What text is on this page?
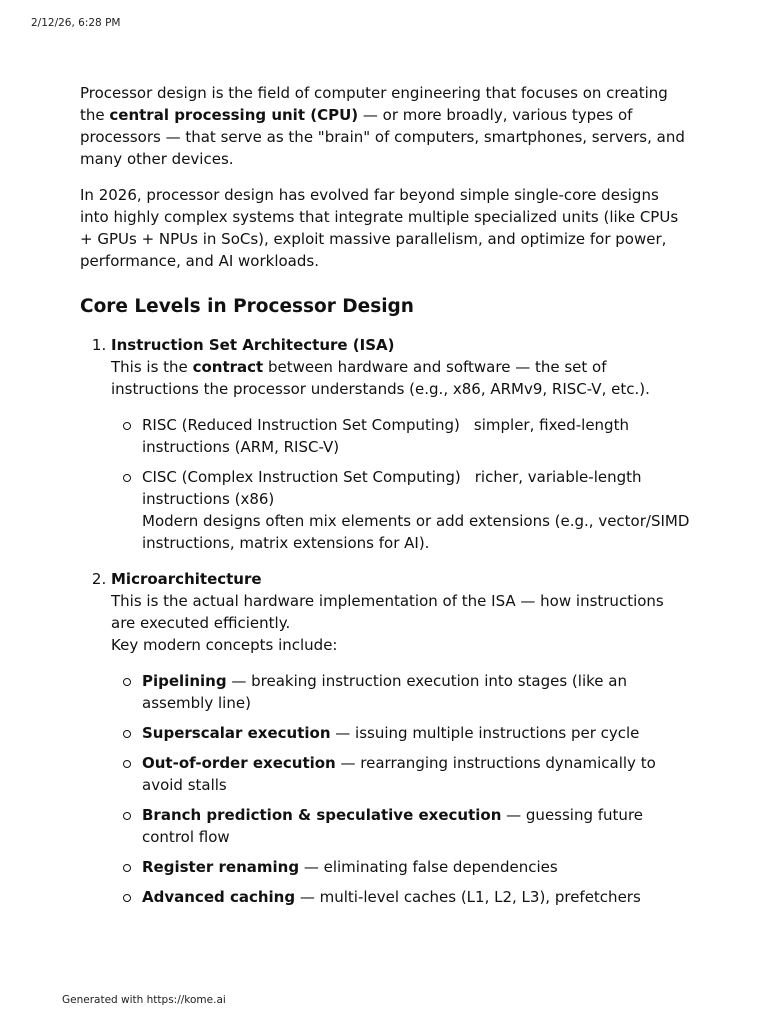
2/12/26, 6:28 PM

Processor design is the field of computer engineering that focuses on creating the central processing unit (CPU) — or more broadly, various types of processors — that serve as the "brain" of computers, smartphones, servers, and many other devices.

In 2026, processor design has evolved far beyond simple single-core designs into highly complex systems that integrate multiple specialized units (like CPUs + GPUs + NPUs in SoCs), exploit massive parallelism, and optimize for power, performance, and AI workloads.

Core Levels in Processor Design
1. Instruction Set Architecture (ISA)
This is the contract between hardware and software — the set of instructions the processor understands (e.g., x86, ARMv9, RISC-V, etc.).
RISC (Reduced Instruction Set Computing) simpler, fixed-length instructions (ARM, RISC-V)
CISC (Complex Instruction Set Computing) richer, variable-length instructions (x86)
Modern designs often mix elements or add extensions (e.g., vector/SIMD instructions, matrix extensions for AI).
2. Microarchitecture
This is the actual hardware implementation of the ISA — how instructions are executed efficiently.
Key modern concepts include:
Pipelining — breaking instruction execution into stages (like an assembly line)
Superscalar execution — issuing multiple instructions per cycle
Out-of-order execution — rearranging instructions dynamically to avoid stalls
Branch prediction & speculative execution — guessing future control flow
Register renaming — eliminating false dependencies
Advanced caching — multi-level caches (L1, L2, L3), prefetchers
Generated with https://kome.ai
